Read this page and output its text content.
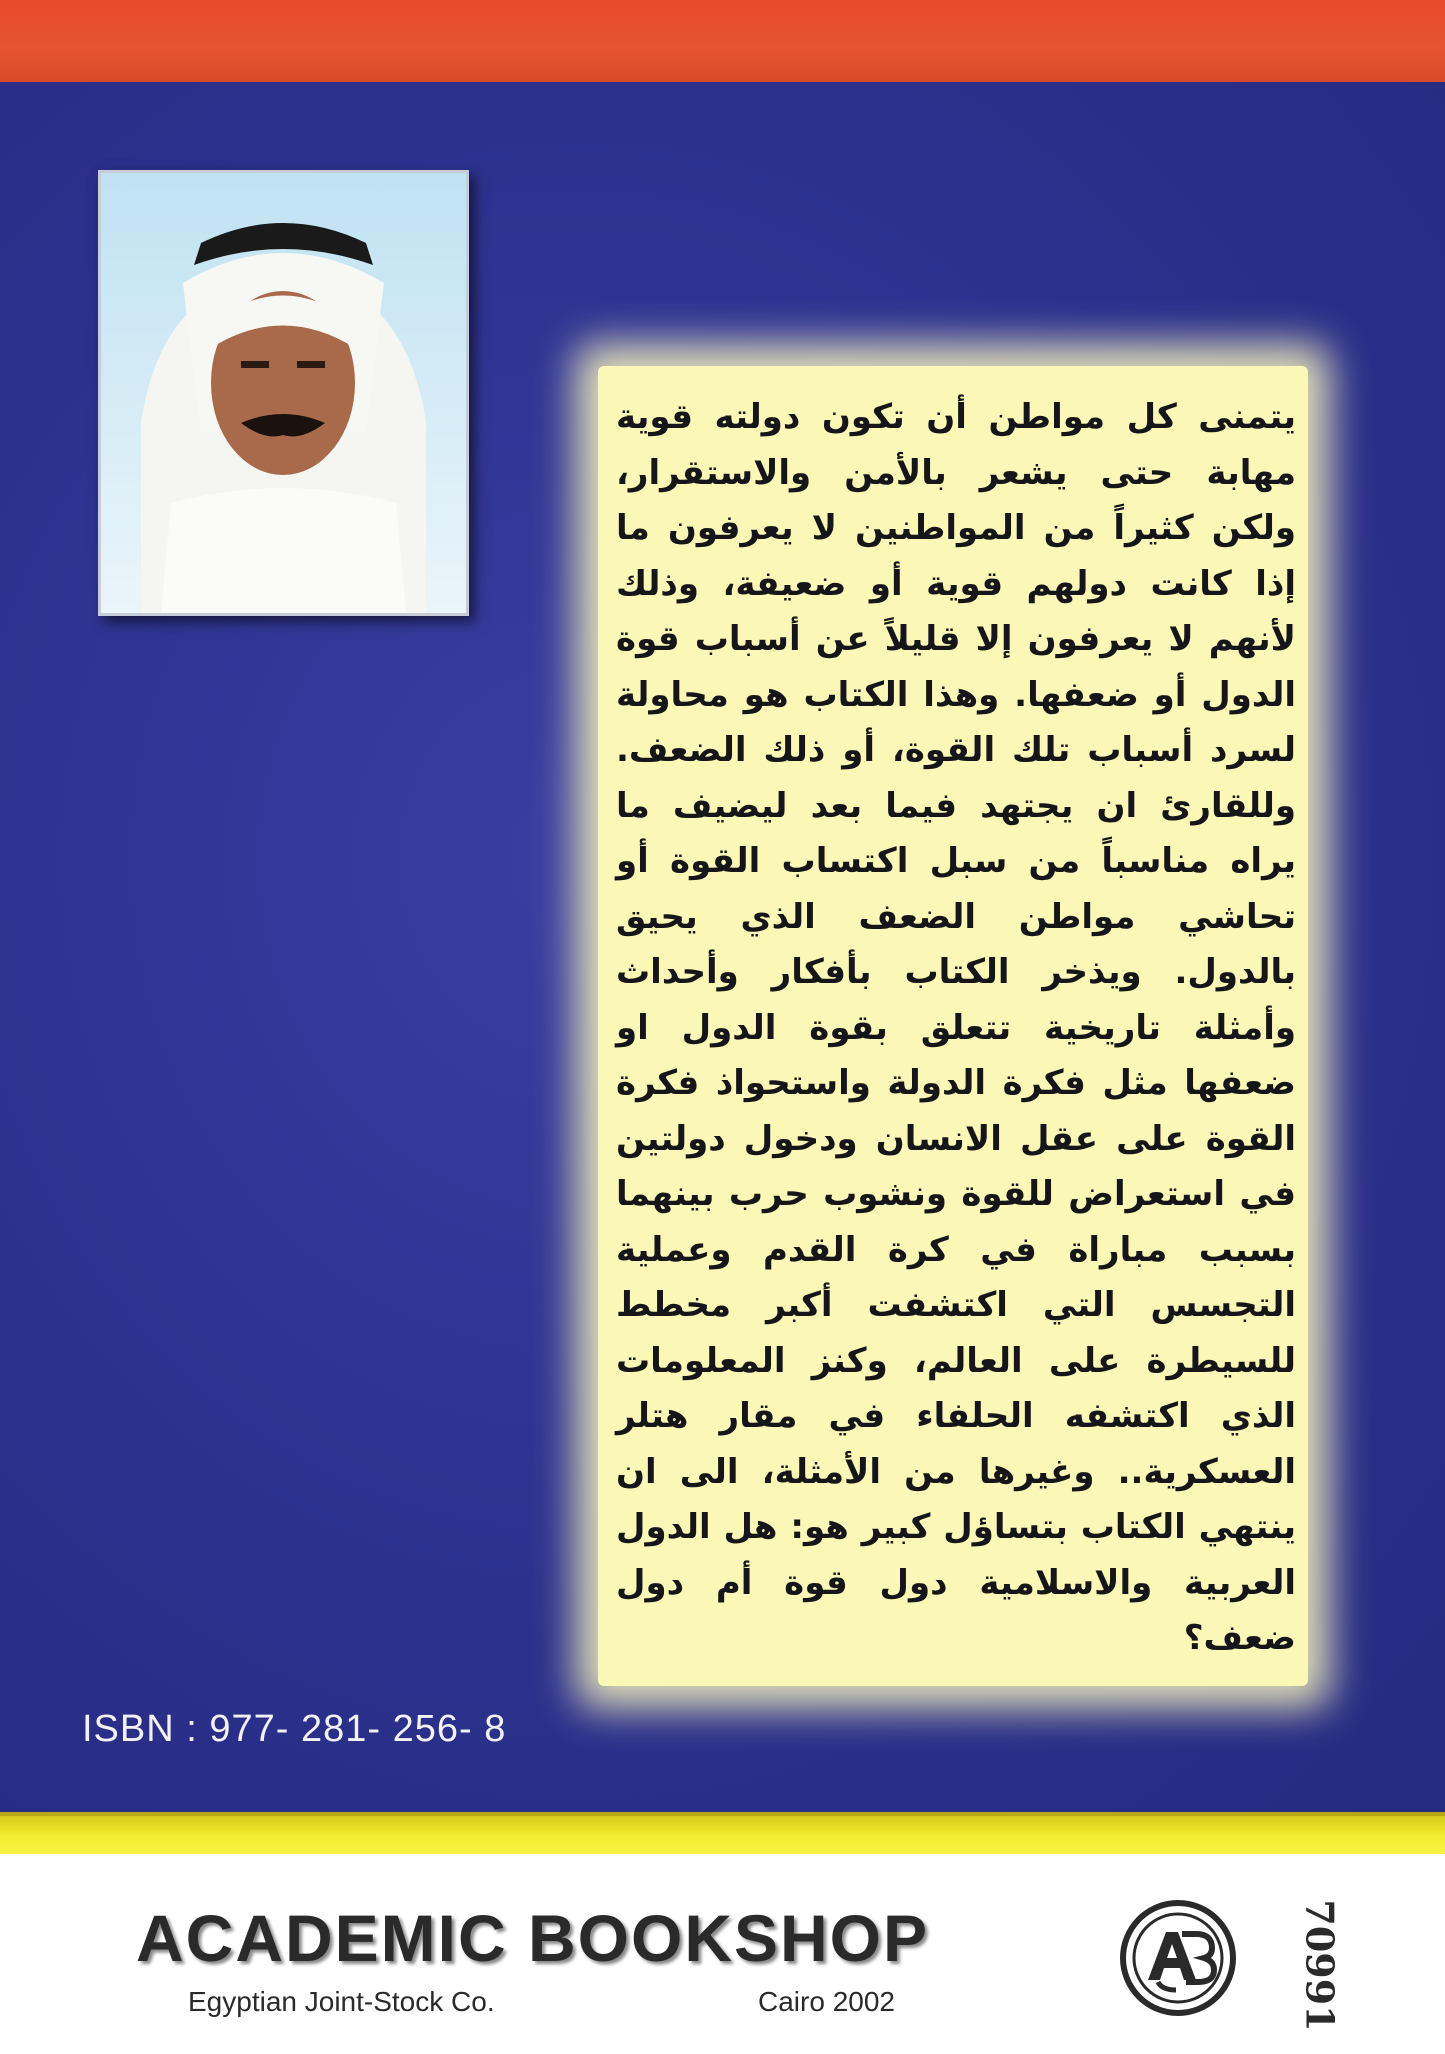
يتمنى كل مواطن أن تكون دولته قوية مهابة حتى يشعر بالأمن والاستقرار، ولكن كثيراً من المواطنين لا يعرفون ما إذا كانت دولهم قوية أو ضعيفة، وذلك لأنهم لا يعرفون إلا قليلاً عن أسباب قوة الدول أو ضعفها. وهذا الكتاب هو محاولة لسرد أسباب تلك القوة، أو ذلك الضعف. وللقارئ ان يجتهد فيما بعد ليضيف ما يراه مناسباً من سبل اكتساب القوة أو تحاشي مواطن الضعف الذي يحيق بالدول. ويذخر الكتاب بأفكار وأحداث وأمثلة تاريخية تتعلق بقوة الدول او ضعفها مثل فكرة الدولة واستحواذ فكرة القوة على عقل الانسان ودخول دولتين في استعراض للقوة ونشوب حرب بينهما بسبب مباراة في كرة القدم وعملية التجسس التي اكتشفت أكبر مخطط للسيطرة على العالم، وكنز المعلومات الذي اكتشفه الحلفاء في مقار هتلر العسكرية.. وغيرها من الأمثلة، الى ان ينتهي الكتاب بتساؤل كبير هو: هل الدول العربية والاسلامية دول قوة أم دول ضعف؟

ISBN : 977- 281- 256- 8
ACADEMIC BOOKSHOP
Egyptian Joint-Stock Co.	Cairo 2002	70991
